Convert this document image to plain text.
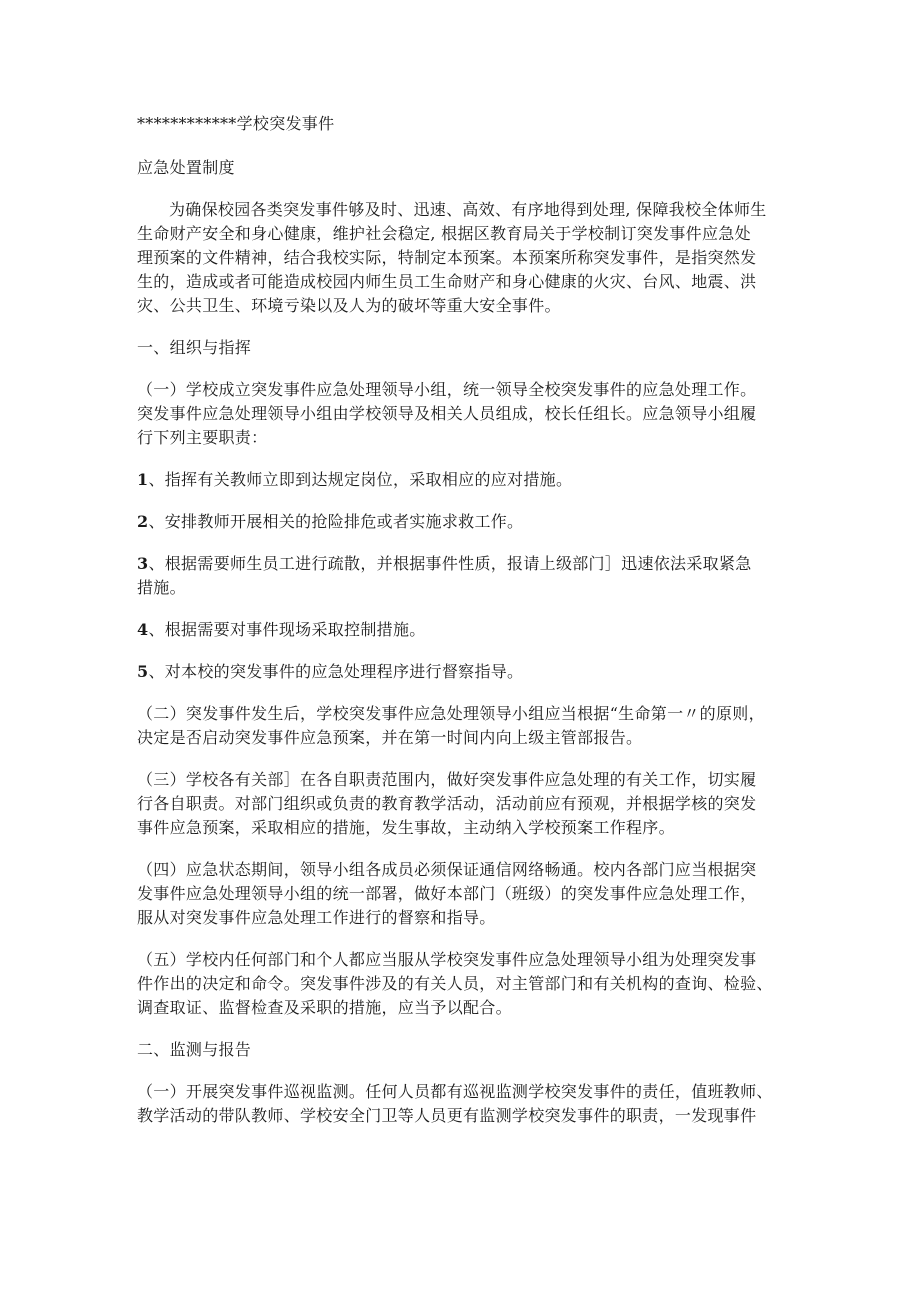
************学校突发事件

应急处置制度

为确保校园各类突发事件够及时、迅速、高效、有序地得到处理, 保障我校全体师生

生命财产安全和身心健康，维护社会稳定, 根据区教育局关于学校制订突发事件应急处

理预案的文件精神，结合我校实际，特制定本预案。本预案所称突发事件，是指突然发

生的，造成或者可能造成校园内师生员工生命财产和身心健康的火灾、台风、地震、洪

灾、公共卫生、环境亏染以及人为的破坏等重大安全事件。

一、组织与指挥

（一）学校成立突发事件应急处理领导小组，统一领导全校突发事件的应急处理工作。

突发事件应急处理领导小组由学校领导及相关人员组成，校长任组长。应急领导小组履

行下列主要职责：

1、指挥有关教师立即到达规定岗位，采取相应的应对措施。

2、安排教师开展相关的抢险排危或者实施求救工作。

3、根据需要师生员工进行疏散，并根据事件性质，报请上级部门］迅速依法采取紧急

措施。

4、根据需要对事件现场采取控制措施。

5、对本校的突发事件的应急处理程序进行督察指导。

（二）突发事件发生后，学校突发事件应急处理领导小组应当根据“生命第一〃的原则，

决定是否启动突发事件应急预案，并在第一时间内向上级主管部报告。

（三）学校各有关部］在各自职责范围内，做好突发事件应急处理的有关工作，切实履

行各自职责。对部门组织或负责的教育教学活动，活动前应有预观，并根据学核的突发

事件应急预案，采取相应的措施，发生事故，主动纳入学校预案工作程序。

（四）应急状态期间，领导小组各成员必须保证通信网络畅通。校内各部门应当根据突

发事件应急处理领导小组的统一部署，做好本部门（班级）的突发事件应急处理工作，

服从对突发事件应急处理工作进行的督察和指导。

（五）学校内任何部门和个人都应当服从学校突发事件应急处理领导小组为处理突发事

件作出的决定和命令。突发事件涉及的有关人员，对主管部门和有关机构的查询、检验、

调查取证、监督检查及采职的措施，应当予以配合。

二、监测与报告

（一）开展突发事件巡视监测。任何人员都有巡视监测学校突发事件的责任，值班教师、

教学活动的带队教师、学校安全门卫等人员更有监测学校突发事件的职责，一发现事件
